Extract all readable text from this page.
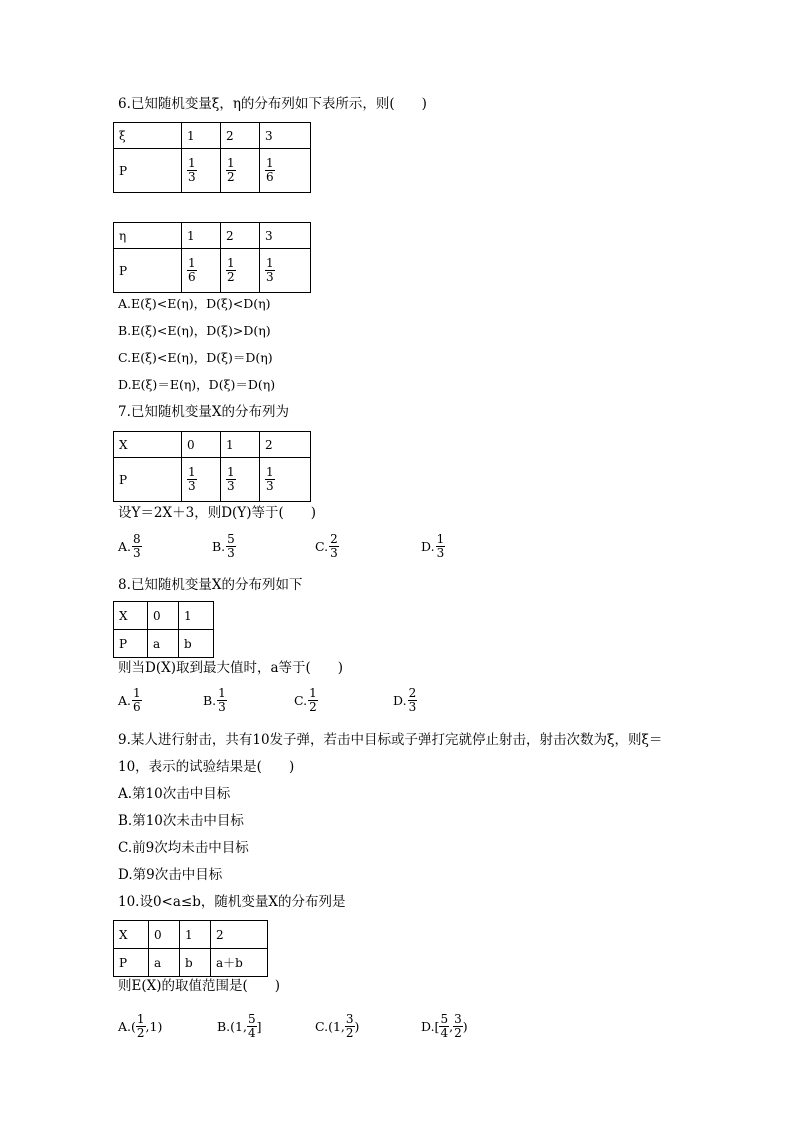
6.已知随机变量ξ，η的分布列如下表所示，则(　　)
ξ	1	2	3
P	$\frac{1}{3}$	$\frac{1}{2}$	$\frac{1}{6}$
η	1	2	3
P	$\frac{1}{6}$	$\frac{1}{2}$	$\frac{1}{3}$
A.E(ξ)<E(η)，D(ξ)<D(η)
B.E(ξ)<E(η)，D(ξ)>D(η)
C.E(ξ)<E(η)，D(ξ)＝D(η)
D.E(ξ)＝E(η)，D(ξ)＝D(η)
7.已知随机变量X的分布列为
X	0	1	2
P	$\frac{1}{3}$	$\frac{1}{3}$	$\frac{1}{3}$
设Y＝2X＋3，则D(Y)等于(　　)
A. $\frac{8}{3}$	B. $\frac{5}{3}$	C. $\frac{2}{3}$	D. $\frac{1}{3}$
8.已知随机变量X的分布列如下
X	0	1
P	a	b
则当D(X)取到最大值时，a等于(　　)
A. $\frac{1}{6}$	B. $\frac{1}{3}$	C. $\frac{1}{2}$	D. $\frac{2}{3}$
9.某人进行射击，共有10发子弹，若击中目标或子弹打完就停止射击，射击次数为ξ，则ξ＝
10，表示的试验结果是(　　)
A.第10次击中目标
B.第10次未击中目标
C.前9次均未击中目标
D.第9次击中目标
10.设0<a≤b，随机变量X的分布列是
X	0	1	2
P	a	b	a＋b
则E(X)的取值范围是(　　)
$A.( \frac{1}{2} ,1)$	B.(1, $\frac{5}{4}$ ]	C.(1, $\frac{3}{2}$ )	$D.[ \frac{5}{4}$ , $\frac{3}{2}$ )
